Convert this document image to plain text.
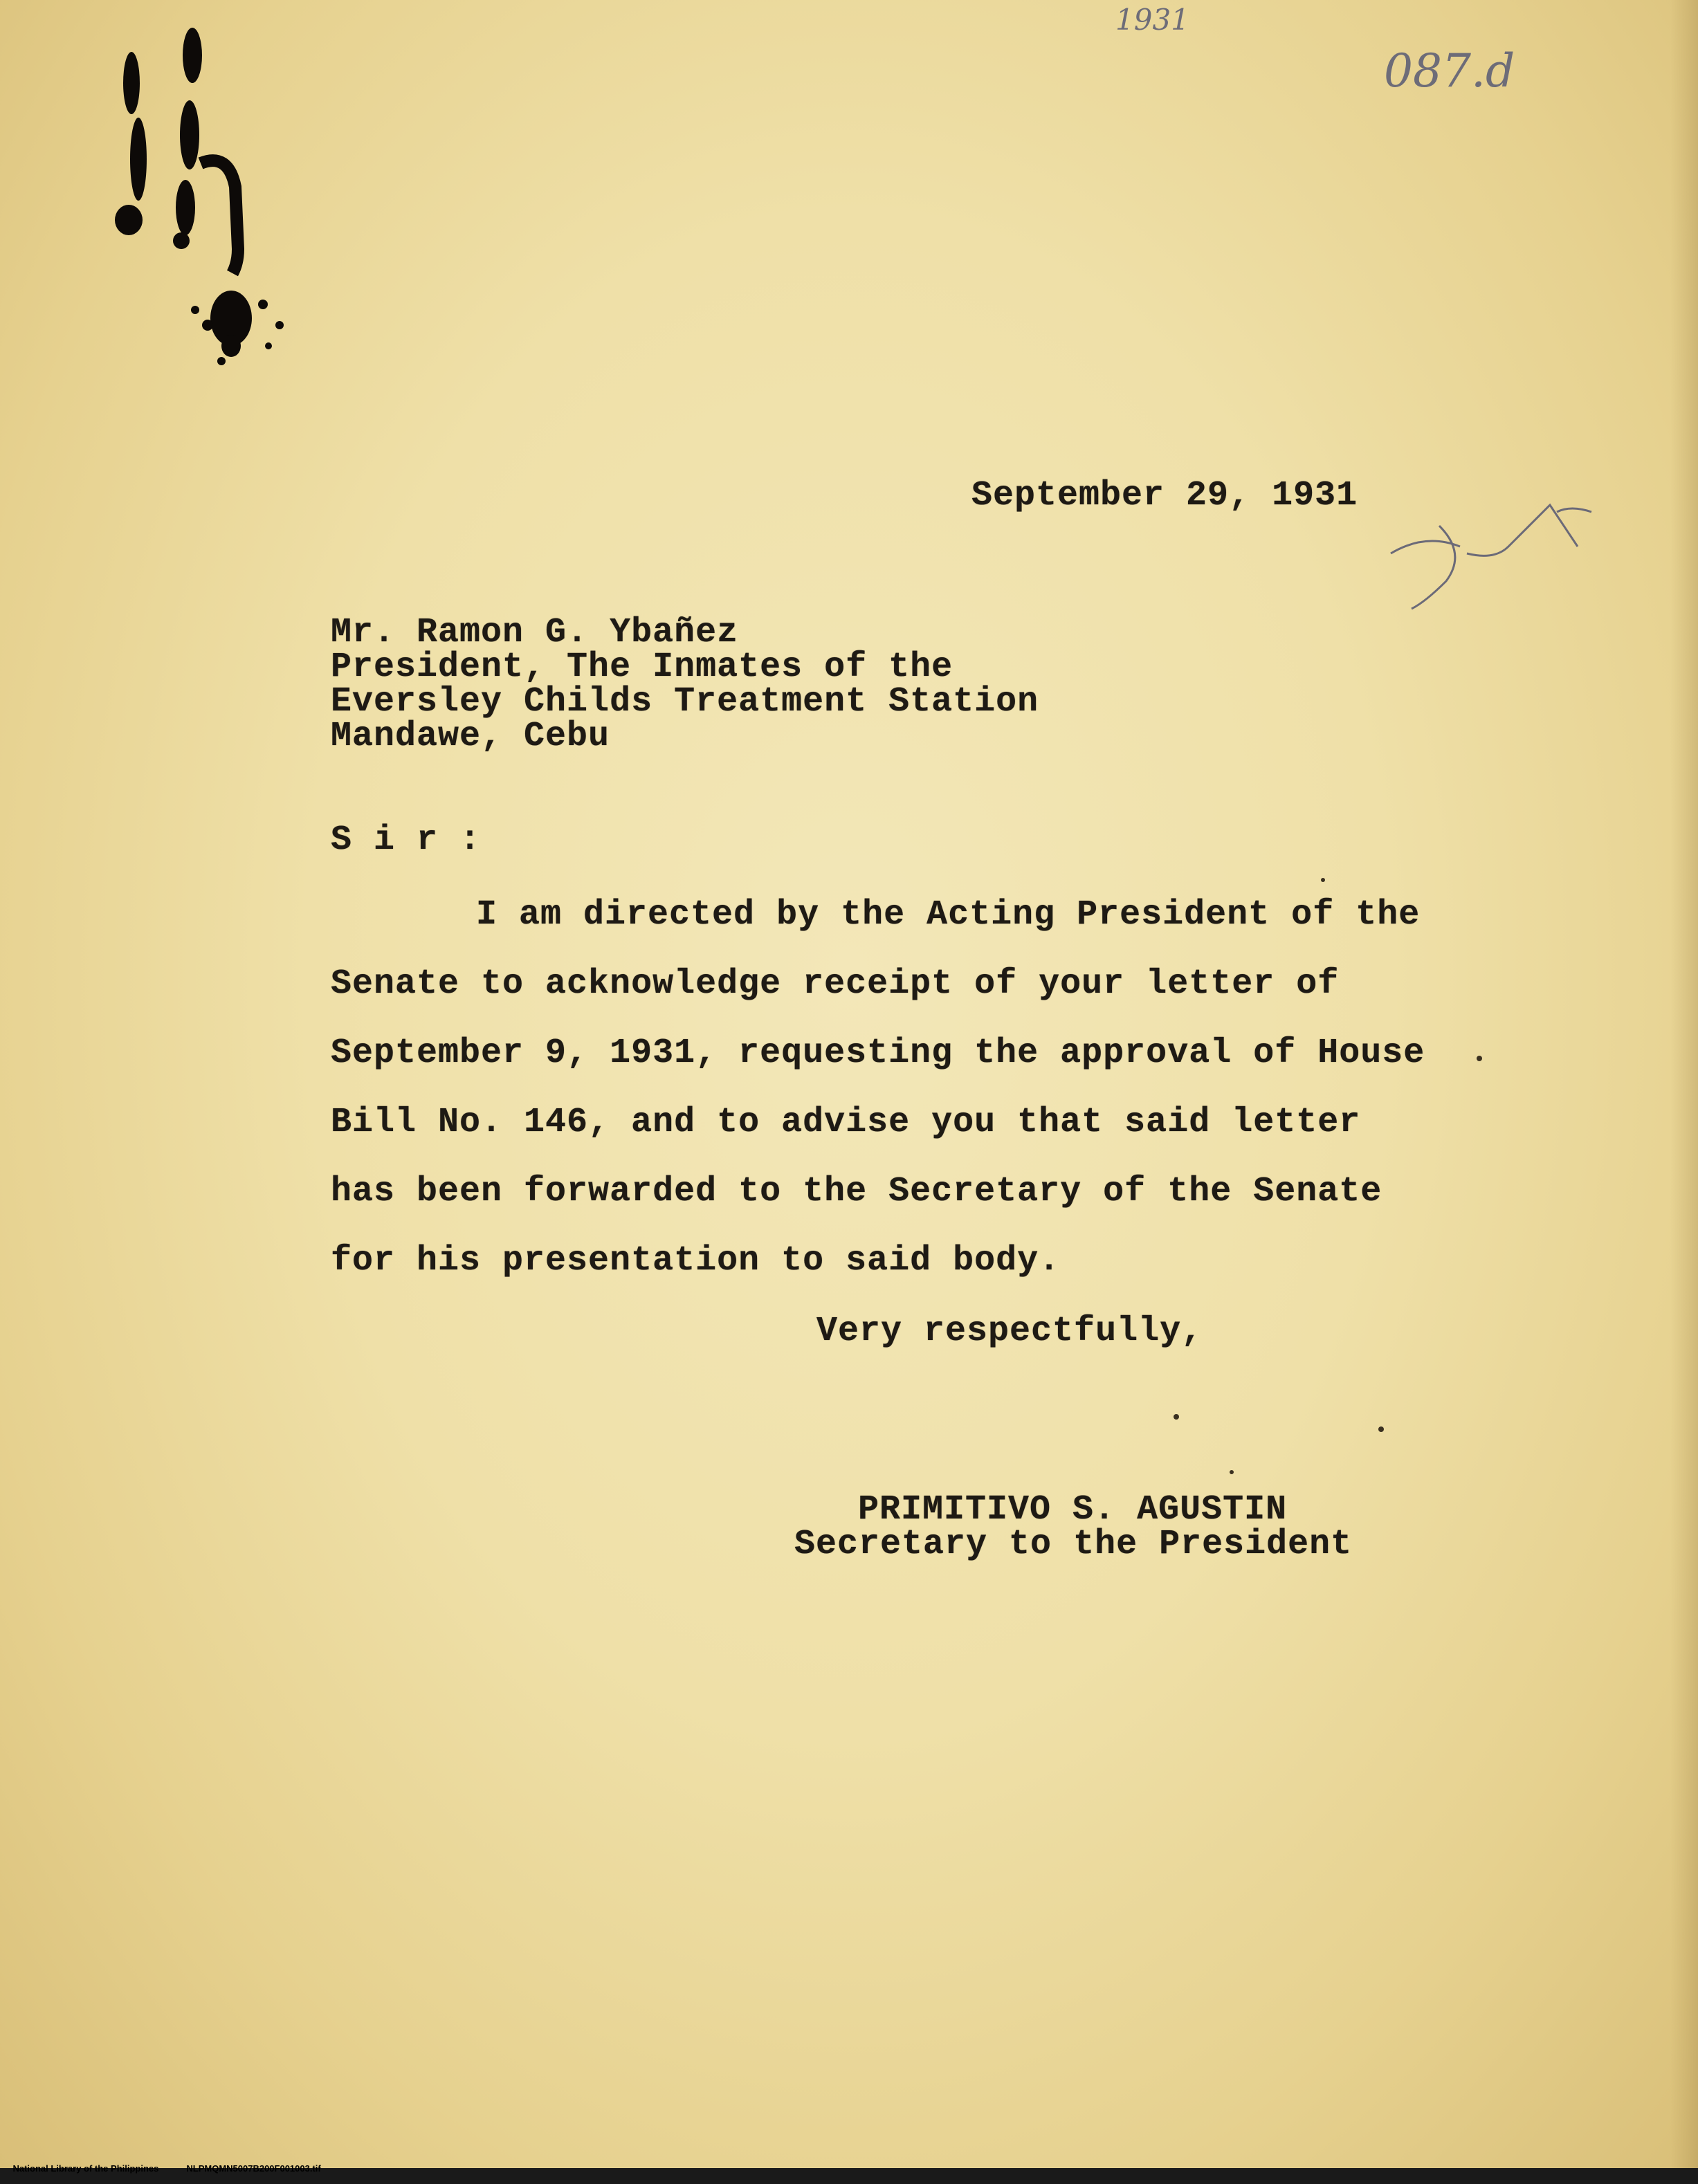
1931
087.d
September 29, 1931
Mr. Ramon G. Ybañez
President, The Inmates of the
Eversley Childs Treatment Station
Mandawe, Cebu
S i r :
I am directed by the Acting President of the
Senate to acknowledge receipt of your letter of
September 9, 1931, requesting the approval of House
Bill No. 146, and to advise you that said letter
has been forwarded to the Secretary of the Senate
for his presentation to said body.
Very respectfully,
PRIMITIVO S. AGUSTIN
Secretary to the President

National Library of the Philippines	NLPMQMN5007B200F001003.tif
